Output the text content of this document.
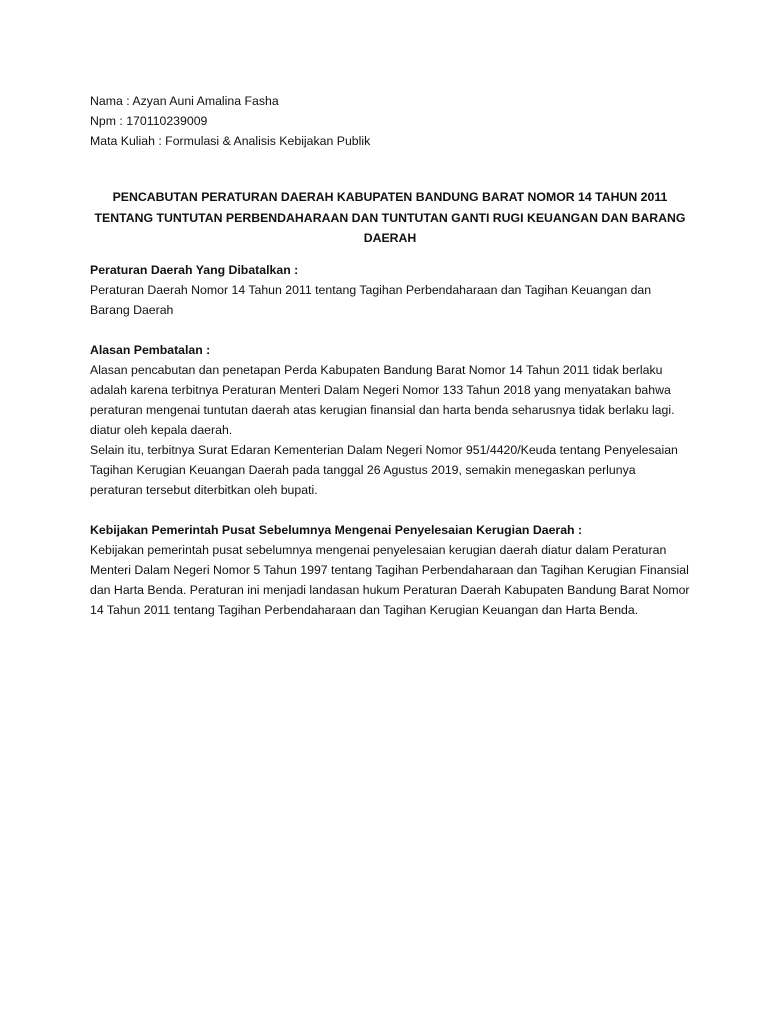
Nama : Azyan Auni Amalina Fasha

Npm : 170110239009

Mata Kuliah : Formulasi & Analisis Kebijakan Publik

PENCABUTAN PERATURAN DAERAH KABUPATEN BANDUNG BARAT NOMOR 14 TAHUN 2011

TENTANG TUNTUTAN PERBENDAHARAAN DAN TUNTUTAN GANTI RUGI KEUANGAN DAN BARANG

DAERAH

Peraturan Daerah Yang Dibatalkan :

Peraturan Daerah Nomor 14 Tahun 2011 tentang Tagihan Perbendaharaan dan Tagihan Keuangan dan Barang Daerah

Alasan Pembatalan :

Alasan pencabutan dan penetapan Perda Kabupaten Bandung Barat Nomor 14 Tahun 2011 tidak berlaku adalah karena terbitnya Peraturan Menteri Dalam Negeri Nomor 133 Tahun 2018 yang menyatakan bahwa peraturan mengenai tuntutan daerah atas kerugian finansial dan harta benda seharusnya tidak berlaku lagi. diatur oleh kepala daerah.

Selain itu, terbitnya Surat Edaran Kementerian Dalam Negeri Nomor 951/4420/Keuda tentang Penyelesaian Tagihan Kerugian Keuangan Daerah pada tanggal 26 Agustus 2019, semakin menegaskan perlunya peraturan tersebut diterbitkan oleh bupati.

Kebijakan Pemerintah Pusat Sebelumnya Mengenai Penyelesaian Kerugian Daerah :

Kebijakan pemerintah pusat sebelumnya mengenai penyelesaian kerugian daerah diatur dalam Peraturan Menteri Dalam Negeri Nomor 5 Tahun 1997 tentang Tagihan Perbendaharaan dan Tagihan Kerugian Finansial dan Harta Benda. Peraturan ini menjadi landasan hukum Peraturan Daerah Kabupaten Bandung Barat Nomor 14 Tahun 2011 tentang Tagihan Perbendaharaan dan Tagihan Kerugian Keuangan dan Harta Benda.
